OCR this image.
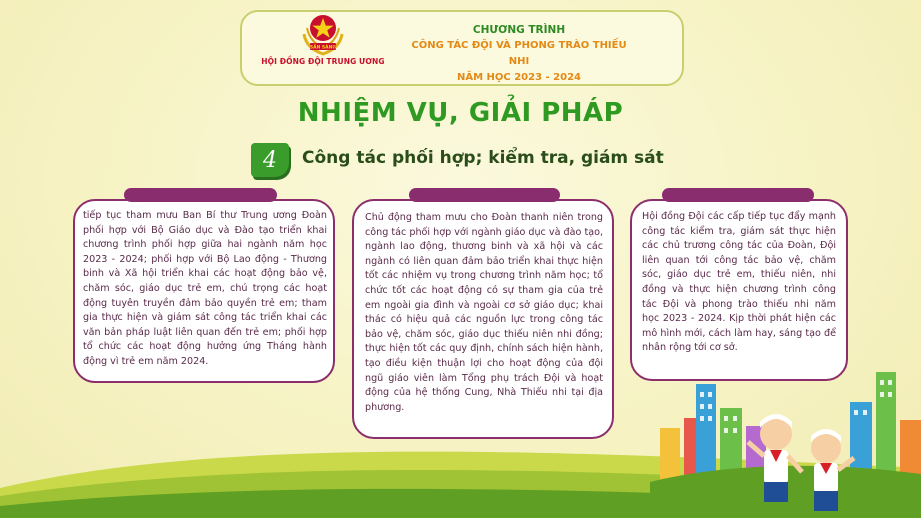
SẴN SÀNG
HỘI ĐỒNG ĐỘI TRUNG ƯƠNG
CHƯƠNG TRÌNH
CÔNG TÁC ĐỘI VÀ PHONG TRÀO THIẾU NHI
NĂM HỌC 2023 - 2024
NHIỆM VỤ, GIẢI PHÁP
4	Công tác phối hợp; kiểm tra, giám sát
tiếp tục tham mưu Ban Bí thư Trung ương Đoàn phối hợp với Bộ Giáo dục và Đào tạo triển khai chương trình phối hợp giữa hai ngành năm học 2023 - 2024; phối hợp với Bộ Lao động - Thương binh và Xã hội triển khai các hoạt động bảo vệ, chăm sóc, giáo dục trẻ em, chú trọng các hoạt động tuyên truyền đảm bảo quyền trẻ em; tham gia thực hiện và giám sát công tác triển khai các văn bản pháp luật liên quan đến trẻ em; phối hợp tổ chức các hoạt động hưởng ứng Tháng hành động vì trẻ em năm 2024.
Chủ động tham mưu cho Đoàn thanh niên trong công tác phối hợp với ngành giáo dục và đào tạo, ngành lao động, thương binh và xã hội và các ngành có liên quan đảm bảo triển khai thực hiện tốt các nhiệm vụ trong chương trình năm học; tổ chức tốt các hoạt động có sự tham gia của trẻ em ngoài gia đình và ngoài cơ sở giáo dục; khai thác có hiệu quả các nguồn lực trong công tác bảo vệ, chăm sóc, giáo dục thiếu niên nhi đồng; thực hiện tốt các quy định, chính sách hiện hành, tạo điều kiện thuận lợi cho hoạt động của đội ngũ giáo viên làm Tổng phụ trách Đội và hoạt động của hệ thống Cung, Nhà Thiếu nhi tại địa phương.
Hội đồng Đội các cấp tiếp tục đẩy mạnh công tác kiểm tra, giám sát thực hiện các chủ trương công tác của Đoàn, Đội liên quan tới công tác bảo vệ, chăm sóc, giáo dục trẻ em, thiếu niên, nhi đồng và thực hiện chương trình công tác Đội và phong trào thiếu nhi năm học 2023 - 2024. Kịp thời phát hiện các mô hình mới, cách làm hay, sáng tạo để nhân rộng tới cơ sở.
